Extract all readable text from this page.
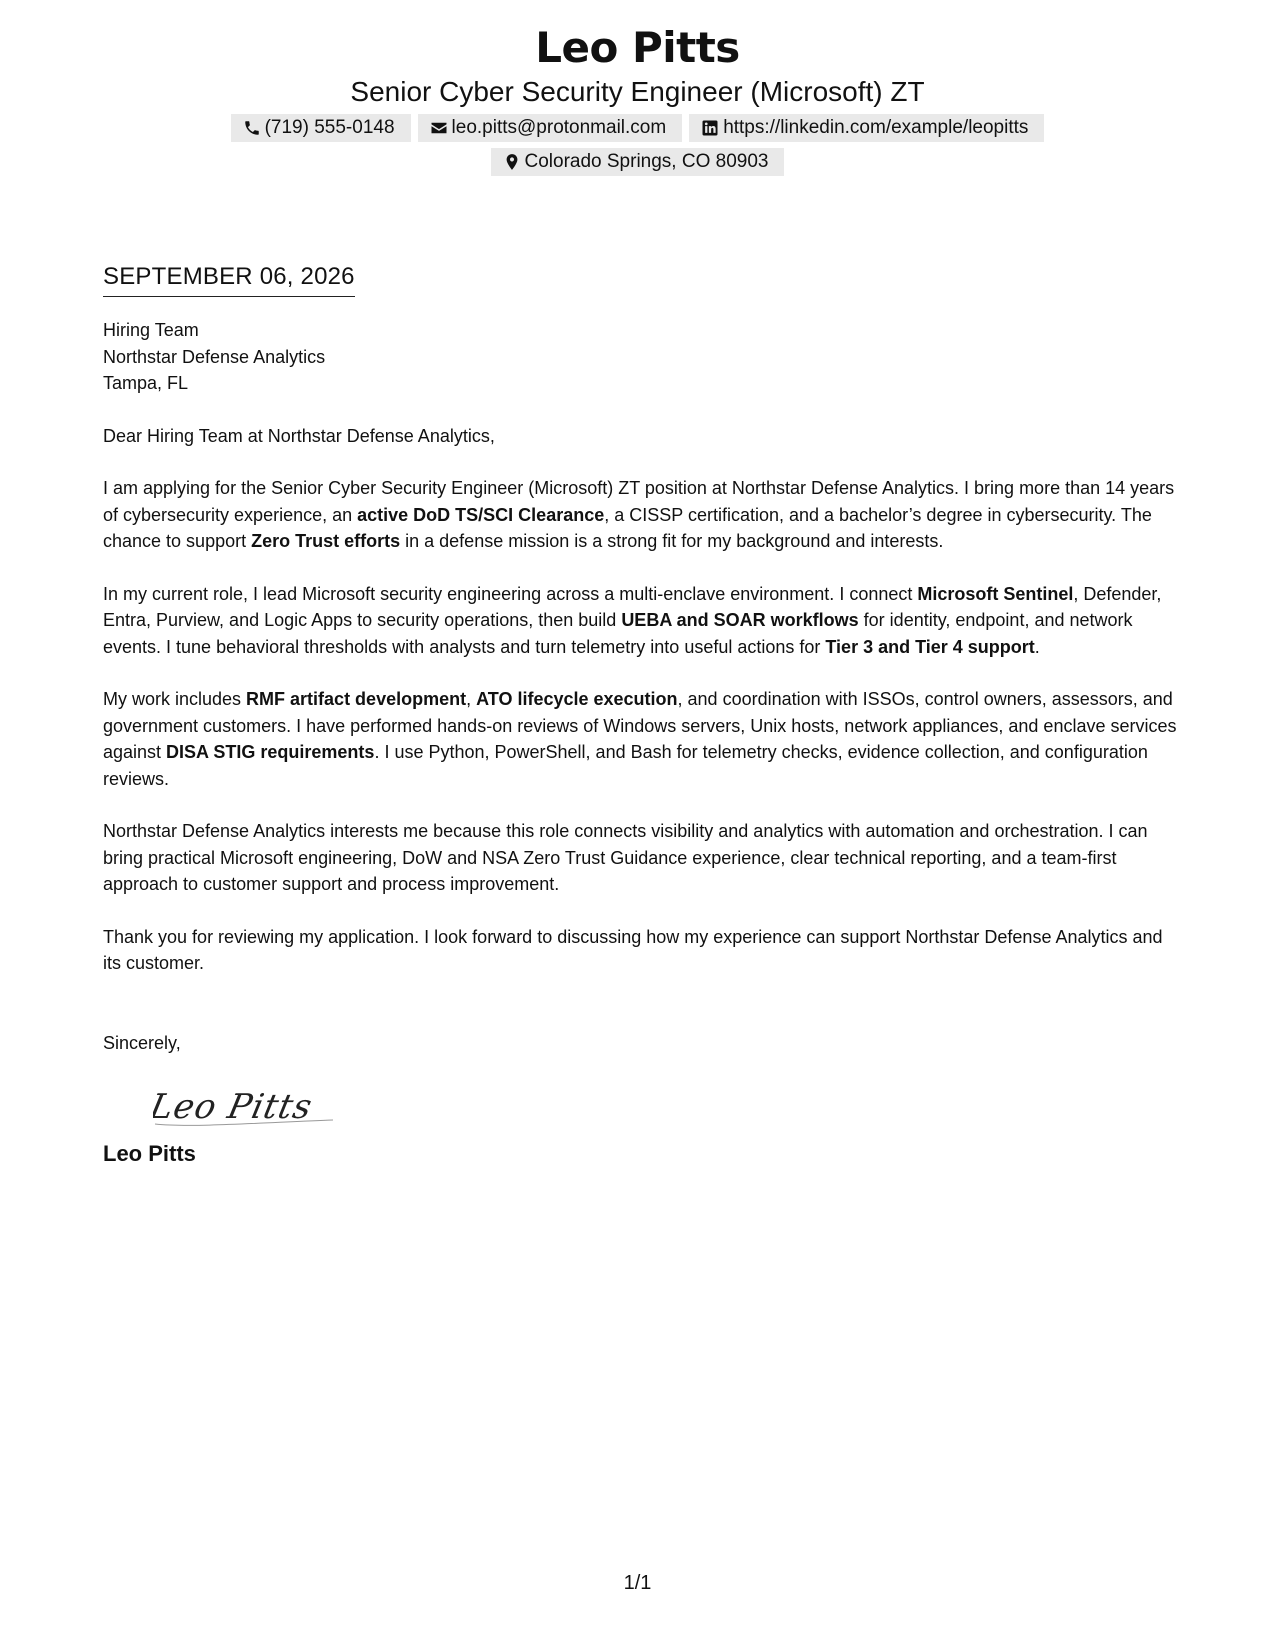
Leo Pitts
Senior Cyber Security Engineer (Microsoft) ZT
(719) 555-0148	leo.pitts@protonmail.com	https://linkedin.com/example/leopitts
Colorado Springs, CO 80903
SEPTEMBER 06, 2026
Hiring Team
Northstar Defense Analytics
Tampa, FL
Dear Hiring Team at Northstar Defense Analytics,
I am applying for the Senior Cyber Security Engineer (Microsoft) ZT position at Northstar Defense Analytics. I bring more than 14 years of cybersecurity experience, an active DoD TS/SCI Clearance, a CISSP certification, and a bachelor’s degree in cybersecurity. The chance to support Zero Trust efforts in a defense mission is a strong fit for my background and interests.
In my current role, I lead Microsoft security engineering across a multi-enclave environment. I connect Microsoft Sentinel, Defender, Entra, Purview, and Logic Apps to security operations, then build UEBA and SOAR workflows for identity, endpoint, and network events. I tune behavioral thresholds with analysts and turn telemetry into useful actions for Tier 3 and Tier 4 support.
My work includes RMF artifact development, ATO lifecycle execution, and coordination with ISSOs, control owners, assessors, and government customers. I have performed hands-on reviews of Windows servers, Unix hosts, network appliances, and enclave services against DISA STIG requirements. I use Python, PowerShell, and Bash for telemetry checks, evidence collection, and configuration reviews.
Northstar Defense Analytics interests me because this role connects visibility and analytics with automation and orchestration. I can bring practical Microsoft engineering, DoW and NSA Zero Trust Guidance experience, clear technical reporting, and a team-first approach to customer support and process improvement.
Thank you for reviewing my application. I look forward to discussing how my experience can support Northstar Defense Analytics and its customer.
Sincerely,
Leo Pitts
Leo Pitts
1/1
